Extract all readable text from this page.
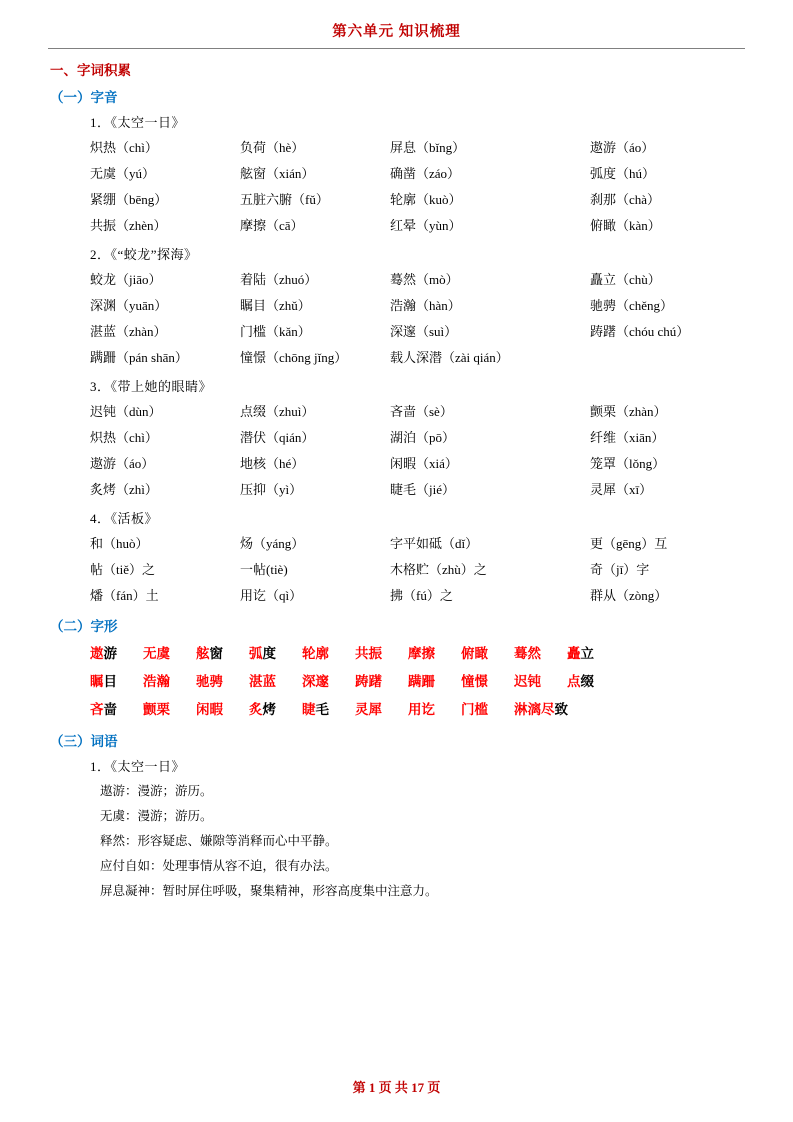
第六单元 知识梳理
一、字词积累
（一）字音
1．《太空一日》
炽热（chì）	负荷（hè）	屏息（bǐng）	遨游（áo）
无虞（yú）	舷窗（xián）	确凿（záo）	弧度（hú）
紧绷（bēng）	五脏六腑（fǔ）	轮廓（kuò）	刹那（chà）
共振（zhèn）	摩擦（cā）	红晕（yùn）	俯瞰（kàn）
2．《“蛟龙”探海》
蛟龙（jiāo）	着陆（zhuó）	蓦然（mò）	矗立（chù）
深渊（yuān）	瞩目（zhǔ）	浩瀚（hàn）	驰骋（chěng）
湛蓝（zhàn）	门槛（kǎn）	深邃（suì）	踌躇（chóu chú）
蹒跚（pán shān）	憧憬（chōng jǐng）	载人深潜（zài qián）
3．《带上她的眼睛》
迟钝（dùn）	点缀（zhuì）	吝啬（sè）	颤栗（zhàn）
炽热（chì）	潜伏（qián）	湖泊（pō）	纤维（xiān）
遨游（áo）	地核（hé）	闲暇（xiá）	笼罩（lǒng）
炙烤（zhì）	压抑（yì）	睫毛（jié）	灵犀（xī）
4．《活板》
和（huò）	炀（yáng）	字平如砥（dǐ）	更（gēng）互
帖（tiě）之	一帖(tiè)	木格贮（zhù）之	奇（jī）字
燔（fán）土	用讫（qì）	拂（fú）之	群从（zòng）
（二）字形
遨游 无虞 舷窗 弧度 轮廓 共振 摩擦 俯瞰 蓦然 矗立
瞩目 浩瀚 驰骋 湛蓝 深邃 踌躇 蹒跚 憧憬 迟钝 点缀
吝啬 颤栗 闲暇 炙烤 睫毛 灵犀 用讫 门槛 淋漓尽致
（三）词语
1．《太空一日》
遨游：漫游；游历。
无虞：漫游；游历。
释然：形容疑虑、嫌隙等消释而心中平静。
应付自如：处理事情从容不迫，很有办法。
屏息凝神：暂时屏住呼吸，聚集精神，形容高度集中注意力。
第 1 页 共 17 页
